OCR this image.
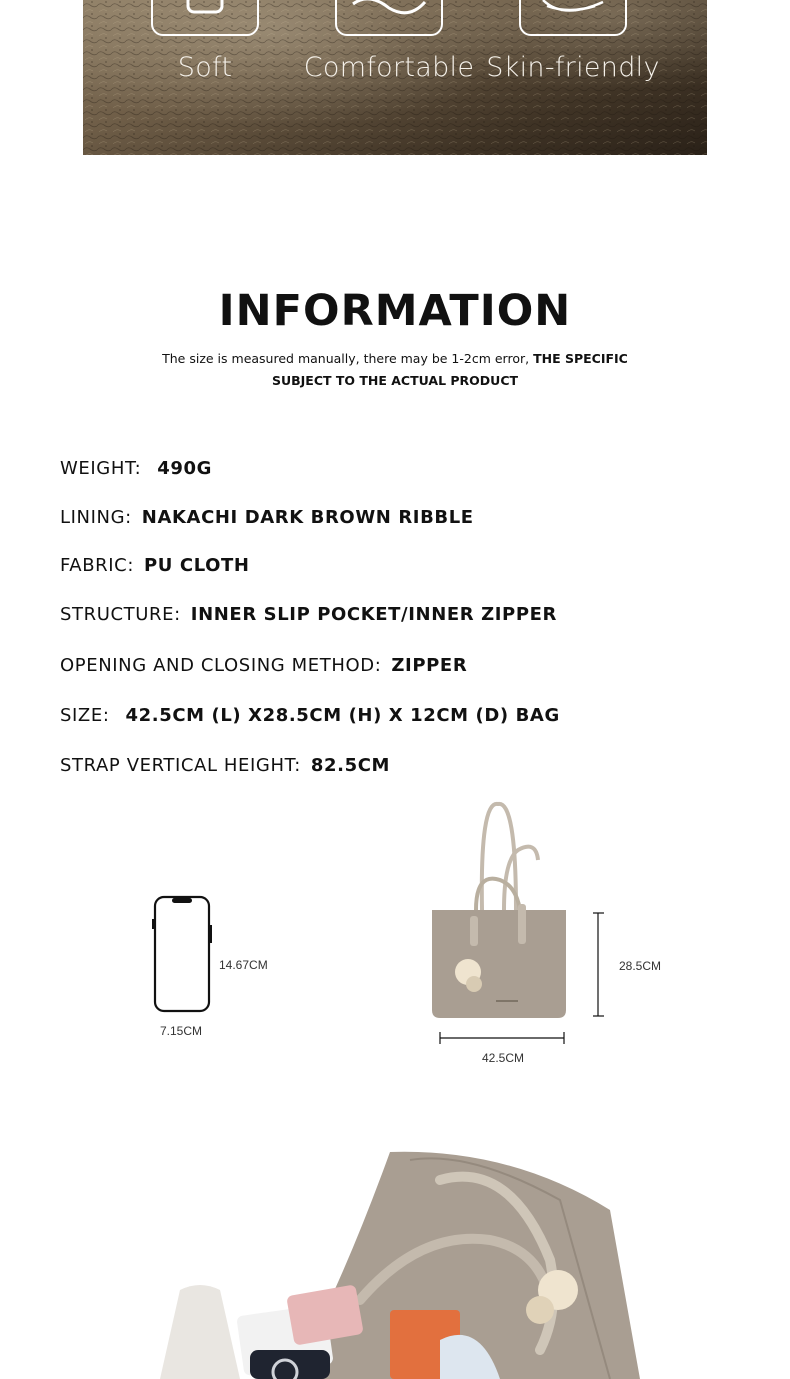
Soft	Comfortable Skin-friendly
INFORMATION
The size is measured manually, there may be 1-2cm error, THE SPECIFIC
SUBJECT TO THE ACTUAL PRODUCT
WEIGHT: 490G
LINING: NAKACHI DARK BROWN RIBBLE
FABRIC: PU CLOTH
STRUCTURE: INNER SLIP POCKET/INNER ZIPPER
OPENING AND CLOSING METHOD: ZIPPER
SIZE: 42.5CM (L) X28.5CM (H) X 12CM (D) BAG
STRAP VERTICAL HEIGHT: 82.5CM
14.67CM
7.15CM
28.5CM
42.5CM
